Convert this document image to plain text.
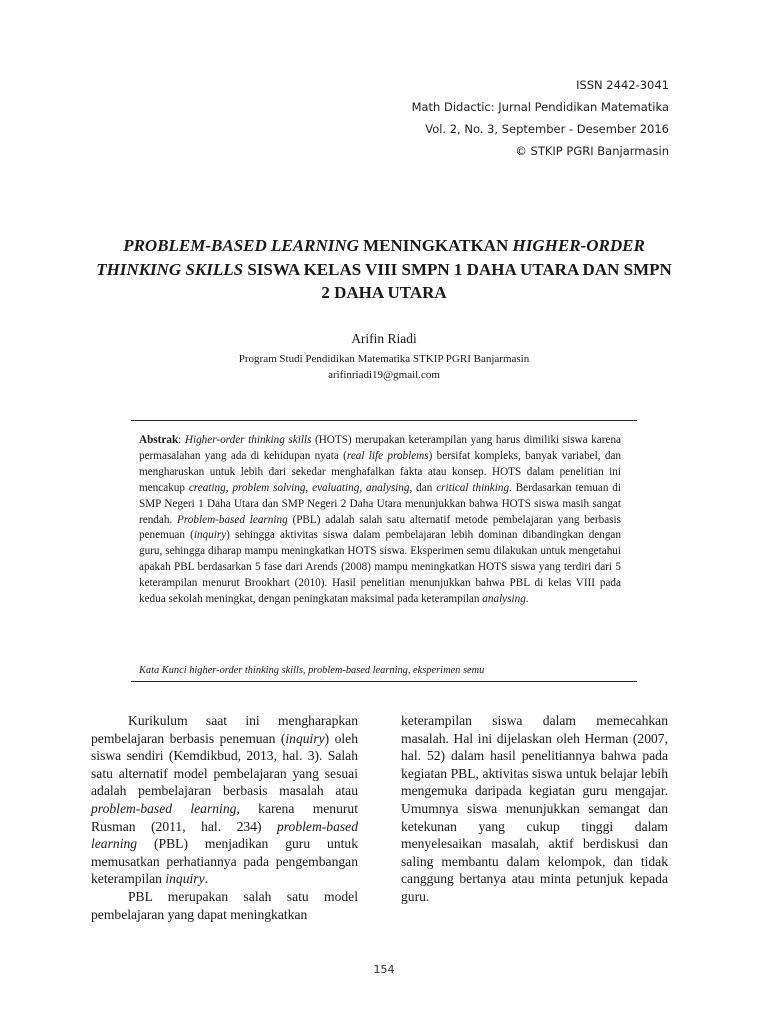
ISSN 2442-3041
Math Didactic: Jurnal Pendidikan Matematika
Vol. 2, No. 3, September - Desember 2016
© STKIP PGRI Banjarmasin
PROBLEM-BASED LEARNING MENINGKATKAN HIGHER-ORDER THINKING SKILLS SISWA KELAS VIII SMPN 1 DAHA UTARA DAN SMPN 2 DAHA UTARA
Arifin Riadi
Program Studi Pendidikan Matematika STKIP PGRI Banjarmasin
arifinriadi19@gmail.com
Abstrak: Higher-order thinking skills (HOTS) merupakan keterampilan yang harus dimiliki siswa karena permasalahan yang ada di kehidupan nyata (real life problems) bersifat kompleks, banyak variabel, dan mengharuskan untuk lebih dari sekedar menghafalkan fakta atau konsep. HOTS dalam penelitian ini mencakup creating, problem solving, evaluating, analysing, dan critical thinking. Berdasarkan temuan di SMP Negeri 1 Daha Utara dan SMP Negeri 2 Daha Utara menunjukkan bahwa HOTS siswa masih sangat rendah. Problem-based learning (PBL) adalah salah satu alternatif metode pembelajaran yang berbasis penemuan (inquiry) sehingga aktivitas siswa dalam pembelajaran lebih dominan dibandingkan dengan guru, sehingga diharap mampu meningkatkan HOTS siswa. Eksperimen semu dilakukan untuk mengetahui apakah PBL berdasarkan 5 fase dari Arends (2008) mampu meningkatkan HOTS siswa yang terdiri dari 5 keterampilan menurut Brookhart (2010). Hasil penelitian menunjukkan bahwa PBL di kelas VIII pada kedua sekolah meningkat, dengan peningkatan maksimal pada keterampilan analysing.
Kata Kunci higher-order thinking skills, problem-based learning, eksperimen semu

Kurikulum saat ini mengharapkan pembelajaran berbasis penemuan (inquiry) oleh siswa sendiri (Kemdikbud, 2013, hal. 3). Salah satu alternatif model pembelajaran yang sesuai adalah pembelajaran berbasis masalah atau problem-based learning, karena menurut Rusman (2011, hal. 234) problem-based learning (PBL) menjadikan guru untuk memusatkan perhatiannya pada pengembangan keterampilan inquiry.

PBL merupakan salah satu model pembelajaran yang dapat meningkatkan

keterampilan siswa dalam memecahkan masalah. Hal ini dijelaskan oleh Herman (2007, hal. 52) dalam hasil penelitiannya bahwa pada kegiatan PBL, aktivitas siswa untuk belajar lebih mengemuka daripada kegiatan guru mengajar. Umumnya siswa menunjukkan semangat dan ketekunan yang cukup tinggi dalam menyelesaikan masalah, aktif berdiskusi dan saling membantu dalam kelompok, dan tidak canggung bertanya atau minta petunjuk kepada guru.

154
